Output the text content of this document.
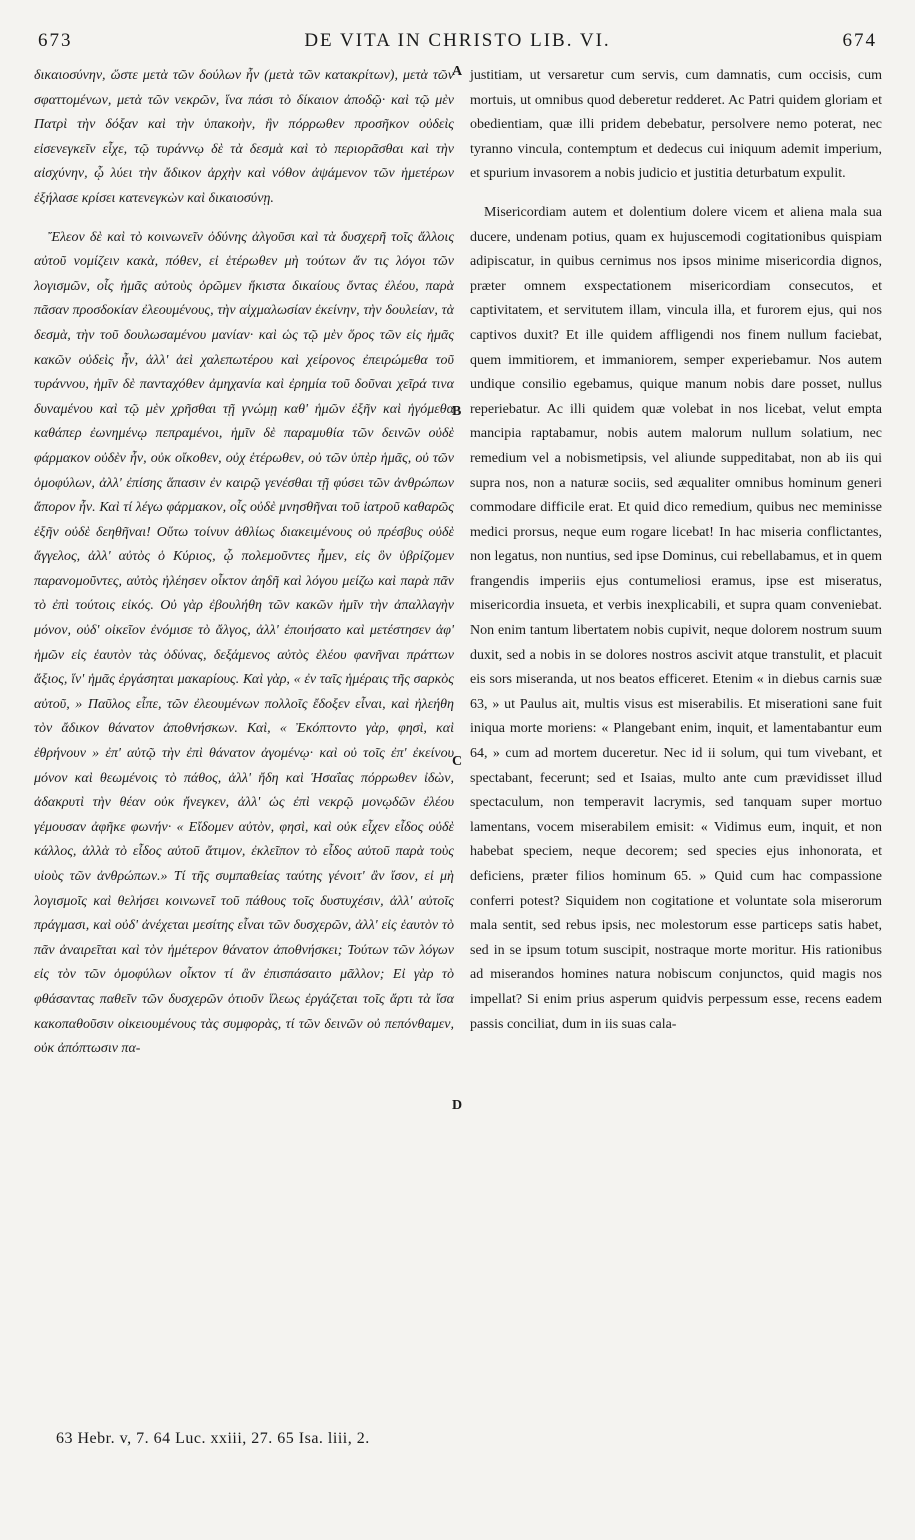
673	DE VITA IN CHRISTO LIB. VI.	674

δικαιοσύνην, ὥστε μετὰ τῶν δούλων ἦν (μετὰ τῶν κατακρίτων), μετὰ τῶν σφαττομένων, μετὰ τῶν νεκρῶν, ἵνα πάσι τὸ δίκαιον ἀποδῷ· καὶ τῷ μὲν Πατρὶ τὴν δόξαν καὶ τὴν ὑπακοὴν, ἣν πόρρωθεν προσῆκον οὐδεὶς εἰσενεγκεῖν εἶχε, τῷ τυράννῳ δὲ τὰ δεσμὰ καὶ τὸ περιορᾶσθαι καὶ τὴν αἰσχύνην, ᾧ λύει τὴν ἄδικον ἀρχὴν καὶ νόθον ἀψάμενον τῶν ἡμετέρων ἐξήλασε κρίσει κατενεγκὼν καὶ δικαιοσύνῃ.

Ἔλεον δὲ καὶ τὸ κοινωνεῖν ὀδύνης ἀλγοῦσι καὶ τὰ δυσχερῆ τοῖς ἄλλοις αὐτοῦ νομίζειν κακὰ, πόθεν, εἰ ἑτέρωθεν μὴ τούτων ἄν τις λόγοι τῶν λογισμῶν, οἷς ἡμᾶς αὐτοὺς ὁρῶμεν ἥκιστα δικαίους ὄντας ἐλέου, παρὰ πᾶσαν προσδοκίαν ἐλεουμένους, τὴν αἰχμαλωσίαν ἐκείνην, τὴν δουλείαν, τὰ δεσμὰ, τὴν τοῦ δουλωσαμένου μανίαν· καὶ ὡς τῷ μὲν ὅρος τῶν εἰς ἡμᾶς κακῶν οὐδεὶς ἦν, ἀλλ' ἀεὶ χαλεπωτέρου καὶ χείρονος ἐπειρώμεθα τοῦ τυράννου, ἡμῖν δὲ πανταχόθεν ἀμηχανία καὶ ἐρημία τοῦ δοῦναι χεῖρά τινα δυναμένου καὶ τῷ μὲν χρῆσθαι τῇ γνώμῃ καθ' ἡμῶν ἐξῆν καὶ ἡγόμεθα καθάπερ ἐωνημένῳ πεπραμένοι, ἡμῖν δὲ παραμυθία τῶν δεινῶν οὐδὲ φάρμακον οὐδὲν ἦν, οὐκ οἴκοθεν, οὐχ ἑτέρωθεν, οὐ τῶν ὑπὲρ ἡμᾶς, οὐ τῶν ὁμοφύλων, ἀλλ' ἐπίσης ἅπασιν ἐν καιρῷ γενέσθαι τῇ φύσει τῶν ἀνθρώπων ἄπορον ἦν. Καὶ τί λέγω φάρμακον, οἷς οὐδὲ μνησθῆναι τοῦ ἰατροῦ καθαρῶς ἐξῆν οὐδὲ δεηθῆναι! Οὕτω τοίνυν ἀθλίως διακειμένους οὐ πρέσβυς οὐδὲ ἄγγελος, ἀλλ' αὐτὸς ὁ Κύριος, ᾧ πολεμοῦντες ἦμεν, εἰς ὃν ὑβρίζομεν παρανομοῦντες, αὐτὸς ἠλέησεν οἶκτον ἀηδῆ καὶ λόγου μείζω καὶ παρὰ πᾶν τὸ ἐπὶ τούτοις εἰκός. Οὐ γὰρ ἐβουλήθη τῶν κακῶν ἡμῖν τὴν ἀπαλλαγὴν μόνον, οὐδ' οἰκεῖον ἐνόμισε τὸ ἄλγος, ἀλλ' ἐποιήσατο καὶ μετέστησεν ἀφ' ἡμῶν εἰς ἑαυτὸν τὰς ὀδύνας, δεξάμενος αὐτὸς ἐλέου φανῆναι πράττων ἄξιος, ἵν' ἡμᾶς ἐργάσηται μακαρίους. Καὶ γὰρ, « ἐν ταῖς ἡμέραις τῆς σαρκὸς αὐτοῦ, » Παῦλος εἶπε, τῶν ἐλεουμένων πολλοῖς ἔδοξεν εἶναι, καὶ ἠλεήθη τὸν ἄδικον θάνατον ἀποθνήσκων. Καὶ, « Ἐκόπτοντο γὰρ, φησὶ, καὶ ἐθρήνουν » ἐπ' αὐτῷ τὴν ἐπὶ θάνατον ἀγομένῳ· καὶ οὐ τοῖς ἐπ' ἐκείνου μόνον καὶ θεωμένοις τὸ πάθος, ἀλλ' ἤδη καὶ Ἡσαΐας πόρρωθεν ἰδὼν, ἀδακρυτὶ τὴν θέαν οὐκ ἤνεγκεν, ἀλλ' ὡς ἐπὶ νεκρῷ μονῳδῶν ἐλέου γέμουσαν ἀφῆκε φωνήν· « Εἴδομεν αὐτὸν, φησὶ, καὶ οὐκ εἶχεν εἶδος οὐδὲ κάλλος, ἀλλὰ τὸ εἶδος αὐτοῦ ἄτιμον, ἐκλεῖπον τὸ εἶδος αὐτοῦ παρὰ τοὺς υἱοὺς τῶν ἀνθρώπων.» Τί τῆς συμπαθείας ταύτης γένοιτ' ἂν ἴσον, εἰ μὴ λογισμοῖς καὶ θελήσει κοινωνεῖ τοῦ πάθους τοῖς δυστυχέσιν, ἀλλ' αὐτοῖς πράγμασι, καὶ οὐδ' ἀνέχεται μεσίτης εἶναι τῶν δυσχερῶν, ἀλλ' εἰς ἑαυτὸν τὸ πᾶν ἀναιρεῖται καὶ τὸν ἡμέτερον θάνατον ἀποθνήσκει; Τούτων τῶν λόγων εἰς τὸν τῶν ὁμοφύλων οἶκτον τί ἂν ἐπισπάσαιτο μᾶλλον; Εἰ γὰρ τὸ φθάσαντας παθεῖν τῶν δυσχερῶν ὁτιοῦν ἵλεως ἐργάζεται τοῖς ἄρτι τὰ ἴσα κακοπαθοῦσιν οἰκειουμένους τὰς συμφορὰς, τί τῶν δεινῶν οὐ πεπόνθαμεν, οὐκ ἀπόπτωσιν πα-

A
B
C
D

justitiam, ut versaretur cum servis, cum damnatis, cum occisis, cum mortuis, ut omnibus quod deberetur redderet. Ac Patri quidem gloriam et obedientiam, quæ illi pridem debebatur, persolvere nemo poterat, nec tyranno vincula, contemptum et dedecus cui iniquum ademit imperium, et spurium invasorem a nobis judicio et justitia deturbatum expulit.

Misericordiam autem et dolentium dolere vicem et aliena mala sua ducere, undenam potius, quam ex hujuscemodi cogitationibus quispiam adipiscatur, in quibus cernimus nos ipsos minime misericordia dignos, præter omnem exspectationem misericordiam consecutos, et captivitatem, et servitutem illam, vincula illa, et furorem ejus, qui nos captivos duxit? Et ille quidem affligendi nos finem nullum faciebat, quem immitiorem, et immaniorem, semper experiebamur. Nos autem undique consilio egebamus, quique manum nobis dare posset, nullus reperiebatur. Ac illi quidem quæ volebat in nos licebat, velut empta mancipia raptabamur, nobis autem malorum nullum solatium, nec remedium vel a nobismetipsis, vel aliunde suppeditabat, non ab iis qui supra nos, non a naturæ sociis, sed æqualiter omnibus hominum generi commodare difficile erat. Et quid dico remedium, quibus nec meminisse medici prorsus, neque eum rogare licebat! In hac miseria conflictantes, non legatus, non nuntius, sed ipse Dominus, cui rebellabamus, et in quem frangendis imperiis ejus contumeliosi eramus, ipse est miseratus, misericordia insueta, et verbis inexplicabili, et supra quam conveniebat. Non enim tantum libertatem nobis cupivit, neque dolorem nostrum suum duxit, sed a nobis in se dolores nostros ascivit atque transtulit, et placuit eis sors miseranda, ut nos beatos efficeret. Etenim « in diebus carnis suæ 63, » ut Paulus ait, multis visus est miserabilis. Et miserationi sane fuit iniqua morte moriens: « Plangebant enim, inquit, et lamentabantur eum 64, » cum ad mortem duceretur. Nec id ii solum, qui tum vivebant, et spectabant, fecerunt; sed et Isaias, multo ante cum prævidisset illud spectaculum, non temperavit lacrymis, sed tanquam super mortuo lamentans, vocem miserabilem emisit: « Vidimus eum, inquit, et non habebat speciem, neque decorem; sed species ejus inhonorata, et deficiens, præter filios hominum 65. » Quid cum hac compassione conferri potest? Siquidem non cogitatione et voluntate sola miserorum mala sentit, sed rebus ipsis, nec molestorum esse particeps satis habet, sed in se ipsum totum suscipit, nostraque morte moritur. His rationibus ad miserandos homines natura nobiscum conjunctos, quid magis nos impellat? Si enim prius asperum quidvis perpessum esse, recens eadem passis conciliat, dum in iis suas cala-

63 Hebr. v, 7. 64 Luc. xxiii, 27. 65 Isa. liii, 2.
